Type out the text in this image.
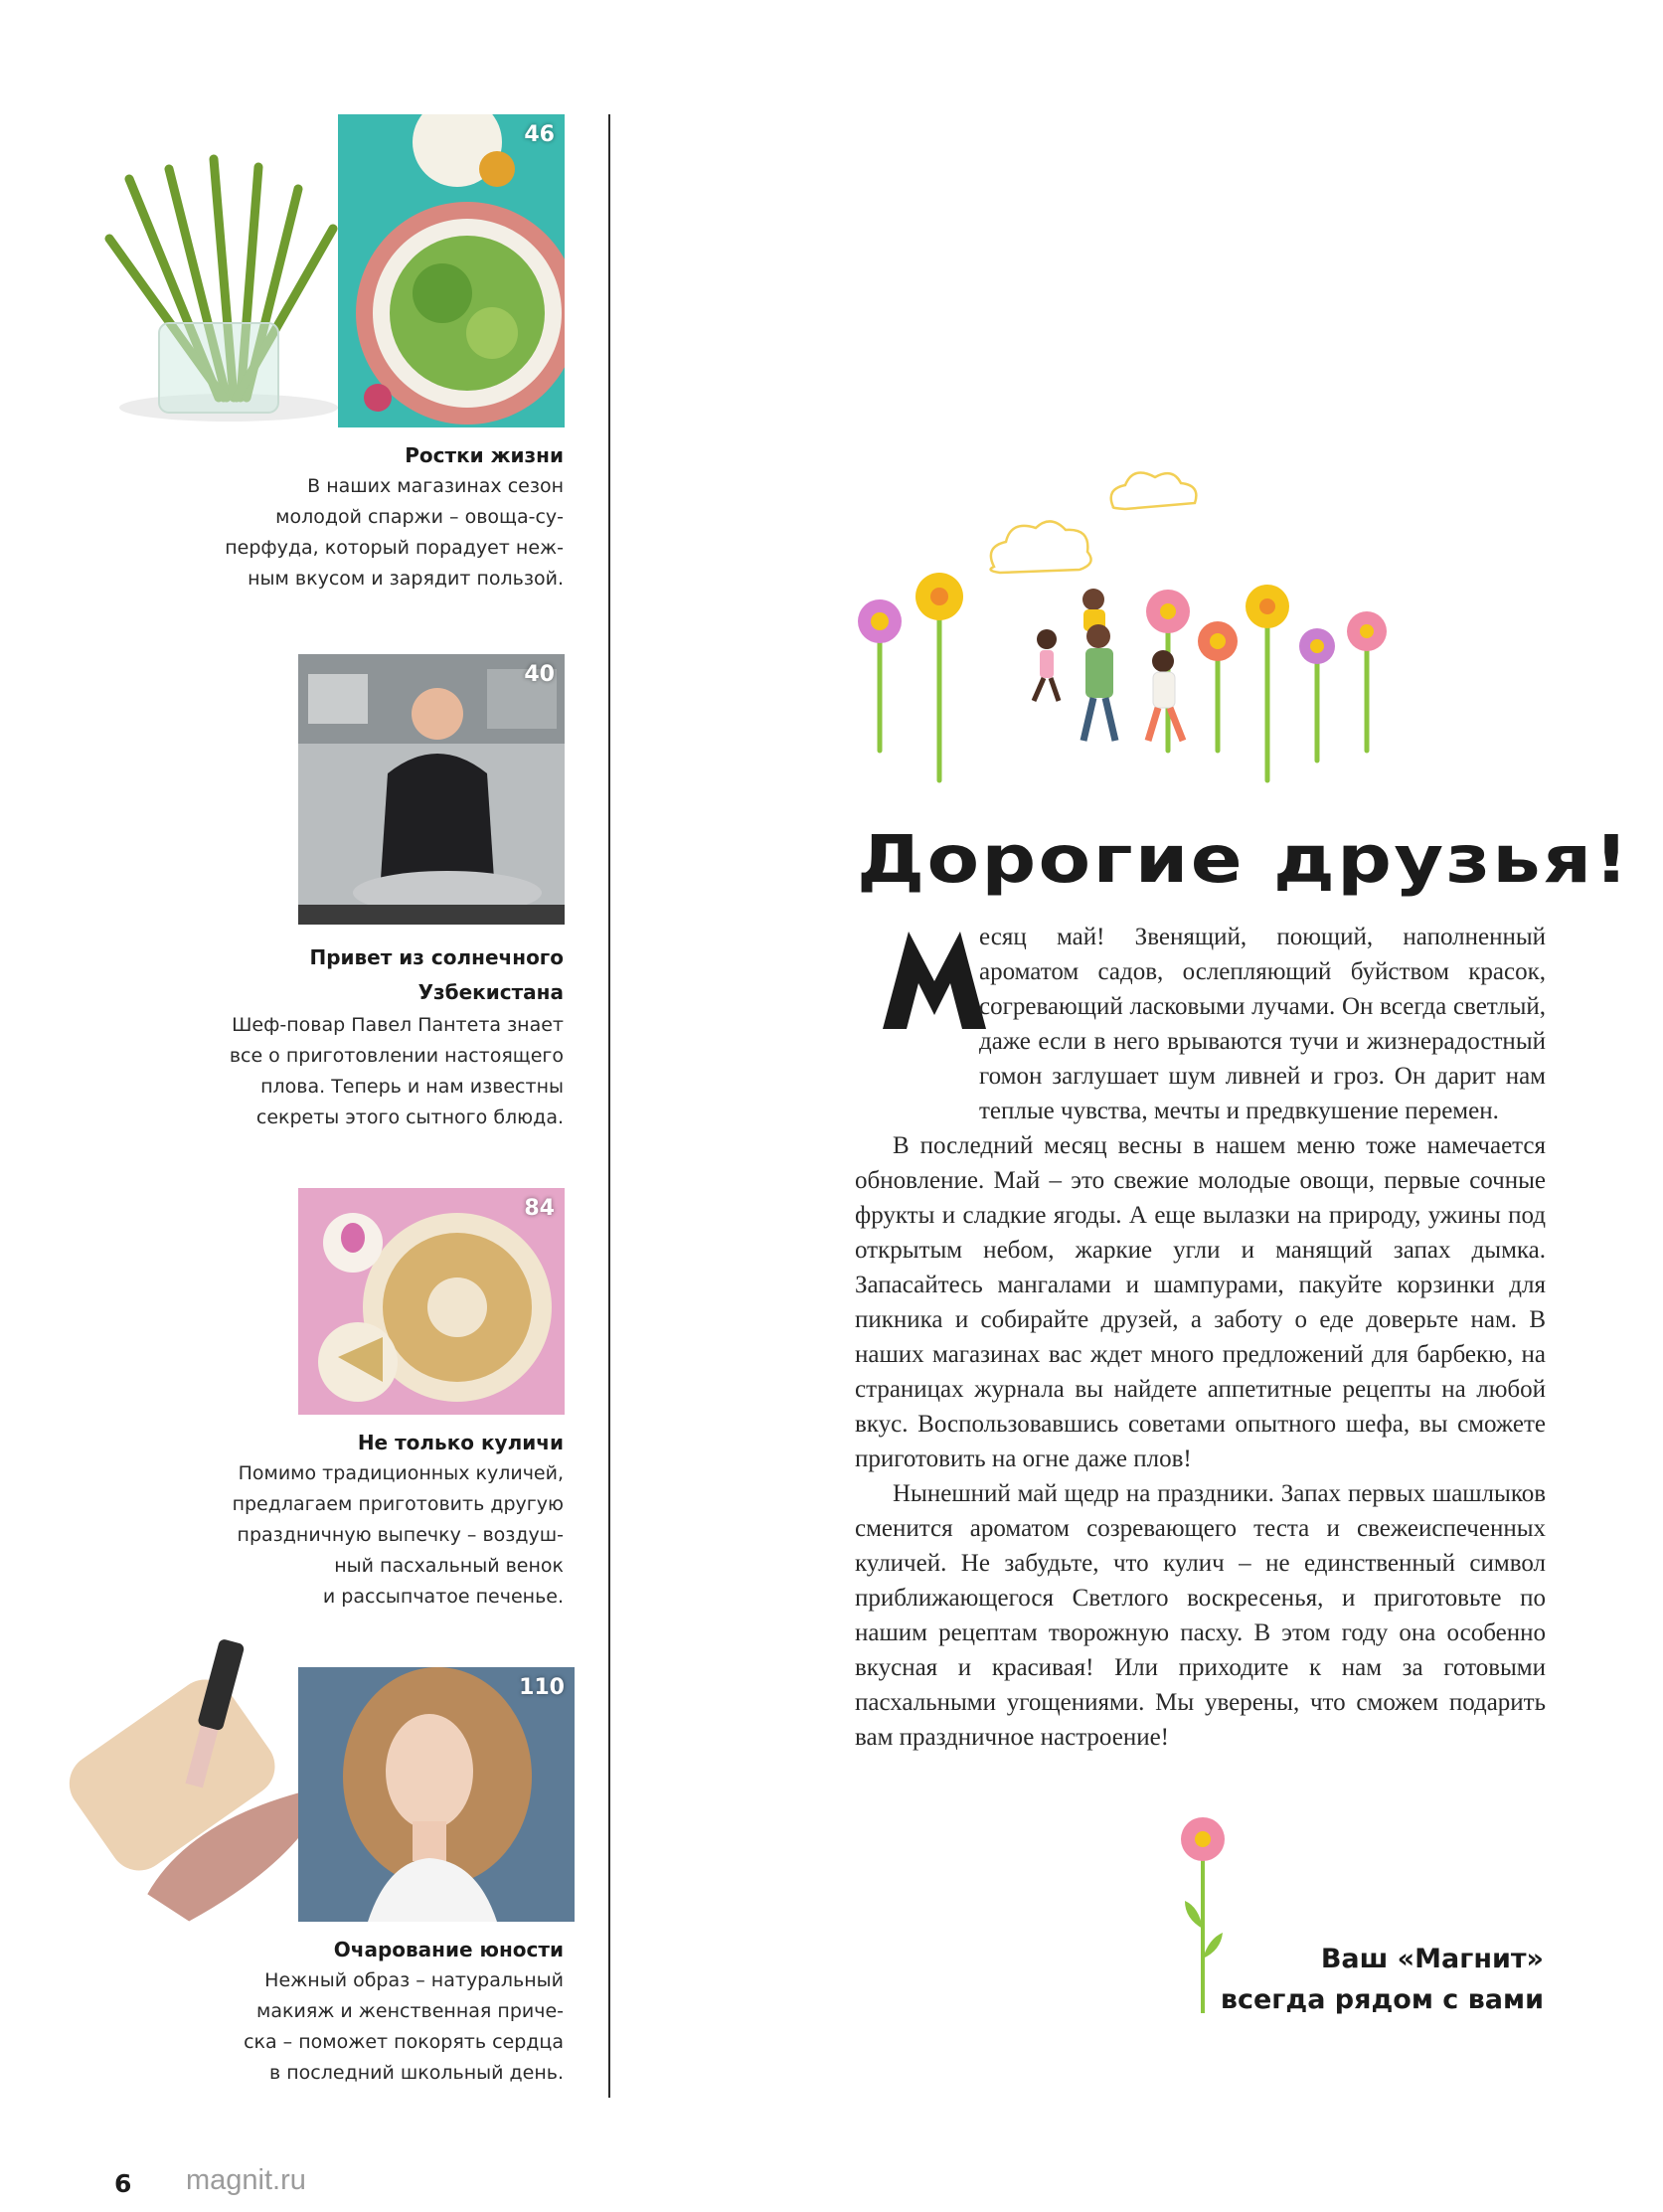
46
Ростки жизни
В наших магазинах сезон
молодой спаржи – овоща-су-
перфуда, который порадует неж-
ным вкусом и зарядит пользой.
40
Привет из солнечного
Узбекистана
Шеф-повар Павел Пантета знает
все о приготовлении настоящего
плова. Теперь и нам известны
секреты этого сытного блюда.
84
Не только куличи
Помимо традиционных куличей,
предлагаем приготовить другую
праздничную выпечку – воздуш-
ный пасхальный венок
и рассыпчатое печенье.
110
Очарование юности
Нежный образ – натуральный
макияж и женственная приче-
ска – поможет покорять сердца
в последний школьный день.
Дорогие друзья!

есяц май! Звенящий, поющий, наполненный ароматом садов, ослепляющий буйством красок, согревающий ласковыми лучами. Он всегда светлый, даже если в него врываются тучи и жизнерадостный гомон заглушает шум ливней и гроз. Он дарит нам теплые чувства, мечты и предвкушение перемен.

В последний месяц весны в нашем меню тоже намечается обновление. Май – это свежие молодые овощи, первые сочные фрукты и сладкие ягоды. А еще вылазки на природу, ужины под открытым небом, жаркие угли и манящий запах дымка. Запасайтесь мангалами и шампурами, пакуйте корзинки для пикника и собирайте друзей, а заботу о еде доверьте нам. В наших магазинах вас ждет много предложений для барбекю, на страницах журнала вы найдете аппетитные рецепты на любой вкус. Воспользовавшись советами опытного шефа, вы сможете приготовить на огне даже плов!

Нынешний май щедр на праздники. Запах первых шашлыков сменится ароматом созревающего теста и свежеиспеченных куличей. Не забудьте, что кулич – не единственный символ приближающегося Светлого воскресенья, и приготовьте по нашим рецептам творожную пасху. В этом году она особенно вкусная и красивая! Или приходите к нам за готовыми пасхальными угощениями. Мы уверены, что сможем подарить вам праздничное настроение!

Ваш «Магнит»
всегда рядом с вами
6 magnit.ru
